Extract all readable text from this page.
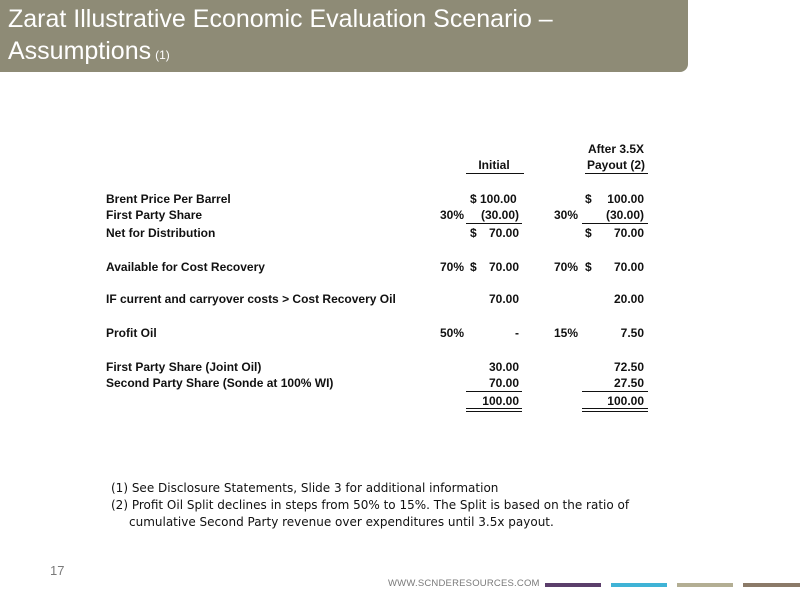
Zarat Illustrative Economic Evaluation Scenario –
Assumptions (1)
After 3.5X
Initial	Payout (2)
Brent Price Per Barrel	$ 100.00	$ 100.00
First Party Share	30% (30.00)	30% (30.00)
Net for Distribution	$ 70.00	$ 70.00
Available for Cost Recovery	70% $ 70.00	70% $ 70.00
IF current and carryover costs > Cost Recovery Oil	70.00	20.00
Profit Oil	50%	-	15%	7.50
First Party Share (Joint Oil)	30.00	72.50
Second Party Share (Sonde at 100% WI)	70.00	27.50
100.00	100.00
(1) See Disclosure Statements, Slide 3 for additional information
(2) Profit Oil Split declines in steps from 50% to 15%. The Split is based on the ratio of
cumulative Second Party revenue over expenditures until 3.5x payout.
17
WWW.SCNDERESOURCES.COM
